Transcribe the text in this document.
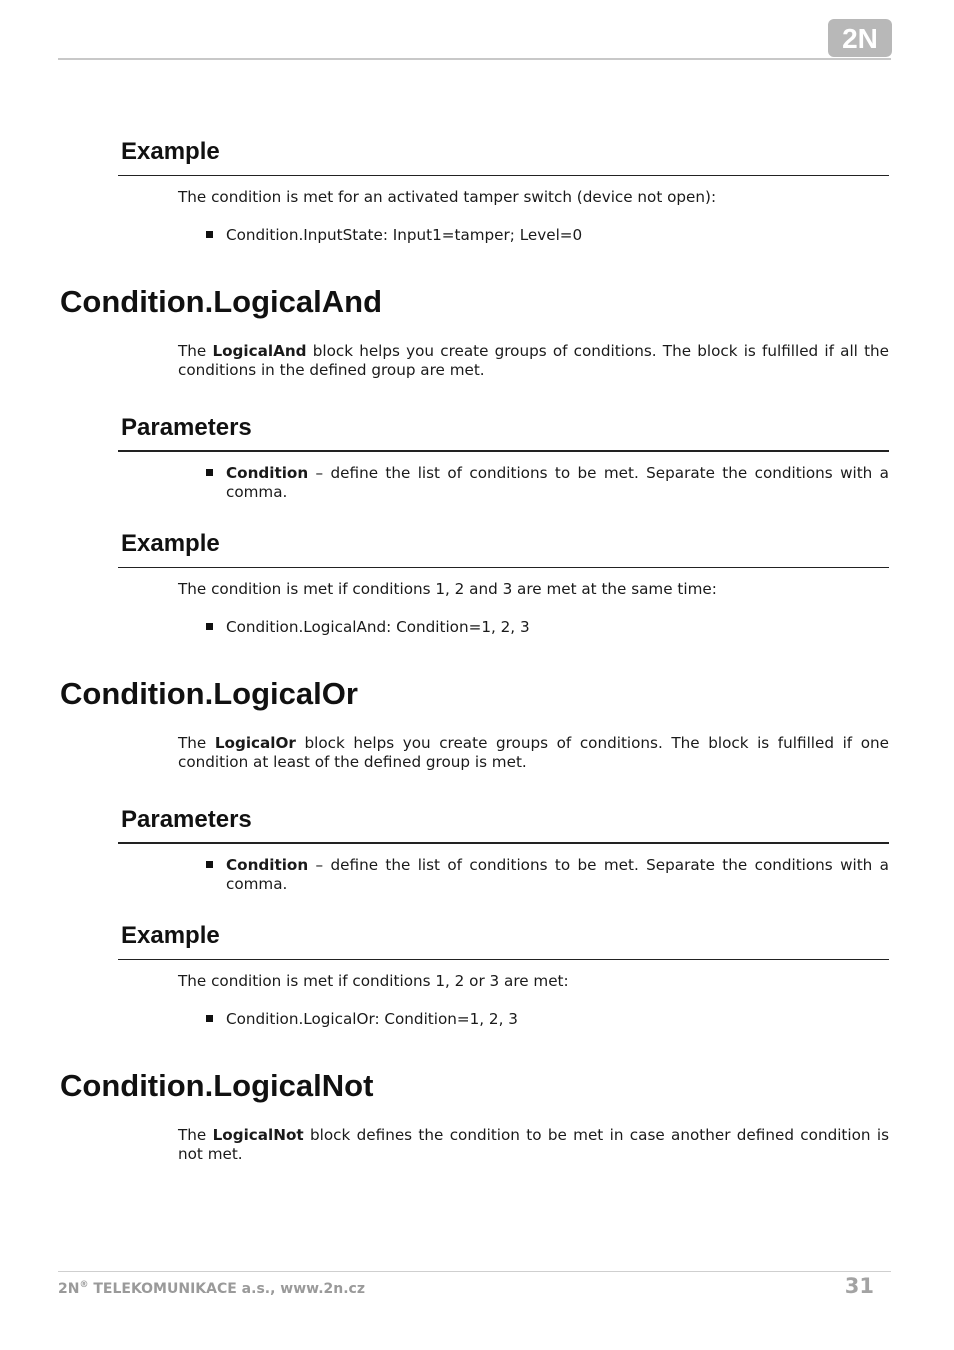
2N
Example
The condition is met for an activated tamper switch (device not open):
Condition.InputState: Input1=tamper; Level=0
Condition.LogicalAnd
The LogicalAnd block helps you create groups of conditions. The block is fulfilled if all the conditions in the defined group are met.
Parameters
Condition – define the list of conditions to be met. Separate the conditions with a comma.
Example
The condition is met if conditions 1, 2 and 3 are met at the same time:
Condition.LogicalAnd: Condition=1, 2, 3
Condition.LogicalOr
The LogicalOr block helps you create groups of conditions. The block is fulfilled if one condition at least of the defined group is met.
Parameters
Condition – define the list of conditions to be met. Separate the conditions with a comma.
Example
The condition is met if conditions 1, 2 or 3 are met:
Condition.LogicalOr: Condition=1, 2, 3
Condition.LogicalNot
The LogicalNot block defines the condition to be met in case another defined condition is not met.
2N® TELEKOMUNIKACE a.s., www.2n.cz	31
